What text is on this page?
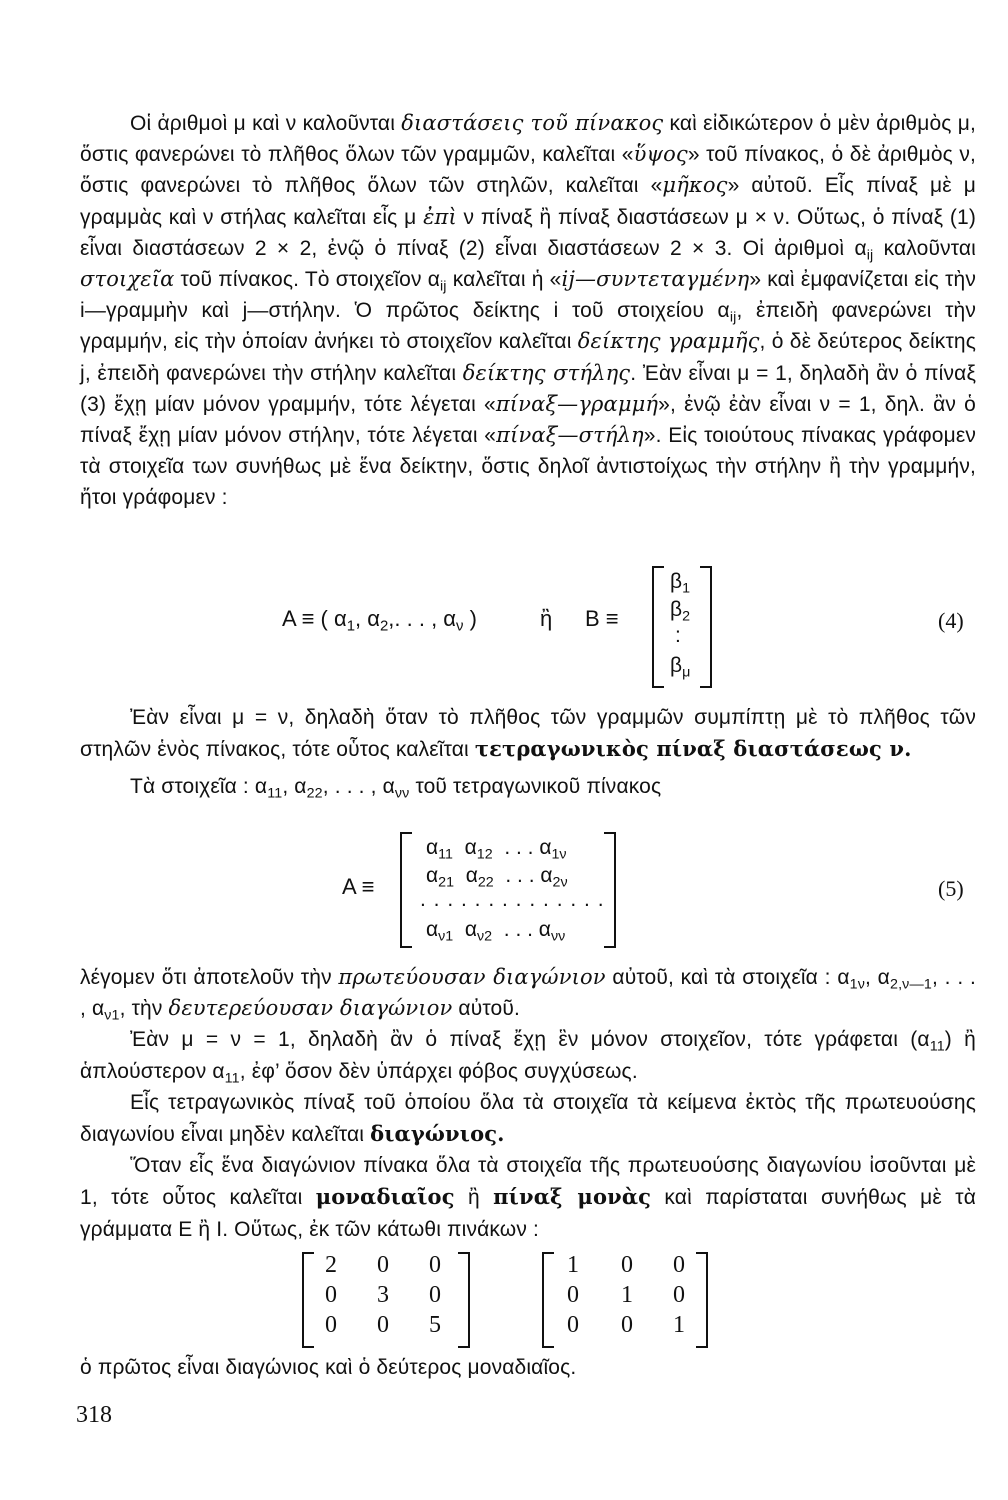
Οἱ ἀριθμοὶ μ καὶ ν καλοῦνται διαστάσεις τοῦ πίνακος καὶ εἰδικώτερον ὁ μὲν ἀριθμὸς μ, ὅστις φανερώνει τὸ πλῆθος ὅλων τῶν γραμμῶν, καλεῖται «ὕψος» τοῦ πίνακος, ὁ δὲ ἀριθμὸς ν, ὅστις φανερώνει τὸ πλῆθος ὅλων τῶν στηλῶν, καλεῖται «μῆκος» αὐτοῦ. Εἷς πίναξ μὲ μ γραμμὰς καὶ ν στήλας καλεῖται εἷς μ ἐπὶ ν πίναξ ἢ πίναξ διαστάσεων μ × ν. Οὕτως, ὁ πίναξ (1) εἶναι διαστάσεων 2 × 2, ἐνῷ ὁ πίναξ (2) εἶναι διαστάσεων 2 × 3. Οἱ ἀριθμοὶ $\alpha_{ij}$ καλοῦνται στοιχεῖα τοῦ πίνακος. Τὸ στοιχεῖον $\alpha_{ij}$ καλεῖται ἡ «ij—συντεταγμένη» καὶ ἐμφανίζεται εἰς τὴν i—γραμμὴν καὶ j—στήλην. Ὁ πρῶτος δείκτης i τοῦ στοιχείου $\alpha_{ij}$, ἐπειδὴ φανερώνει τὴν γραμμήν, εἰς τὴν ὁποίαν ἀνήκει τὸ στοιχεῖον καλεῖται δείκτης γραμμῆς, ὁ δὲ δεύτερος δείκτης j, ἐπειδὴ φανερώνει τὴν στήλην καλεῖται δείκτης στήλης. Ἐὰν εἶναι μ = 1, δηλαδὴ ἂν ὁ πίναξ (3) ἔχῃ μίαν μόνον γραμμήν, τότε λέγεται «πίναξ—γραμμή», ἐνῷ ἐὰν εἶναι ν = 1, δηλ. ἂν ὁ πίναξ ἔχῃ μίαν μόνον στήλην, τότε λέγεται «πίναξ—στήλη». Εἰς τοιούτους πίνακας γράφομεν τὰ στοιχεῖα των συνήθως μὲ ἕνα δείκτην, ὅστις δηλοῖ ἀντιστοίχως τὴν στήλην ἢ τὴν γραμμήν, ἤτοι γράφομεν :

A ≡ ( $\alpha_1$, $\alpha_2$,. . . , $\alpha_\nu$ )	ἢ B ≡
$\beta_1$
$\beta_2$
:
$\beta_\mu$
(4)

Ἐὰν εἶναι μ = ν, δηλαδὴ ὅταν τὸ πλῆθος τῶν γραμμῶν συμπίπτῃ μὲ τὸ πλῆθος τῶν στηλῶν ἑνὸς πίνακος, τότε οὗτος καλεῖται τετραγωνικὸς πίναξ διαστάσεως ν.

Τὰ στοιχεῖα : $\alpha_{11}$, $\alpha_{22}$, . . . , $\alpha_{\nu\nu}$ τοῦ τετραγωνικοῦ πίνακος

A ≡
$\alpha_{11}$ $\alpha_{12}$ . . . $\alpha_{1\nu}$
$\alpha_{21}$ $\alpha_{22}$ . . . $\alpha_{2\nu}$
. . . . . . . . . . . . . .
$\alpha_{\nu 1}$ $\alpha_{\nu 2}$ . . . $\alpha_{\nu\nu}$
(5)

λέγομεν ὅτι ἀποτελοῦν τὴν πρωτεύουσαν διαγώνιον αὐτοῦ, καὶ τὰ στοιχεῖα : $\alpha_{1\nu}$, $\alpha_{2,\nu—1}$, . . . , $\alpha_{\nu 1}$, τὴν δευτερεύουσαν διαγώνιον αὐτοῦ.

Ἐὰν μ = ν = 1, δηλαδὴ ἂν ὁ πίναξ ἔχῃ ἓν μόνον στοιχεῖον, τότε γράφεται $(\alpha_{11})$ ἢ ἁπλούστερον $\alpha_{11}$, ἐφ’ ὅσον δὲν ὑπάρχει φόβος συγχύσεως.

Εἷς τετραγωνικὸς πίναξ τοῦ ὁποίου ὅλα τὰ στοιχεῖα τὰ κείμενα ἐκτὸς τῆς πρωτευούσης διαγωνίου εἶναι μηδὲν καλεῖται διαγώνιος.

Ὅταν εἷς ἕνα διαγώνιον πίνακα ὅλα τὰ στοιχεῖα τῆς πρωτευούσης διαγωνίου ἰσοῦνται μὲ 1, τότε οὗτος καλεῖται μοναδιαῖος ἢ πίναξ μονὰς καὶ παρίσταται συνήθως μὲ τὰ γράμματα E ἢ I. Οὕτως, ἐκ τῶν κάτωθι πινάκων :

2	0	0
0	3	0
0	0	5
1	0	0
0	1	0
0	0	1

ὁ πρῶτος εἶναι διαγώνιος καὶ ὁ δεύτερος μοναδιαῖος.

318
